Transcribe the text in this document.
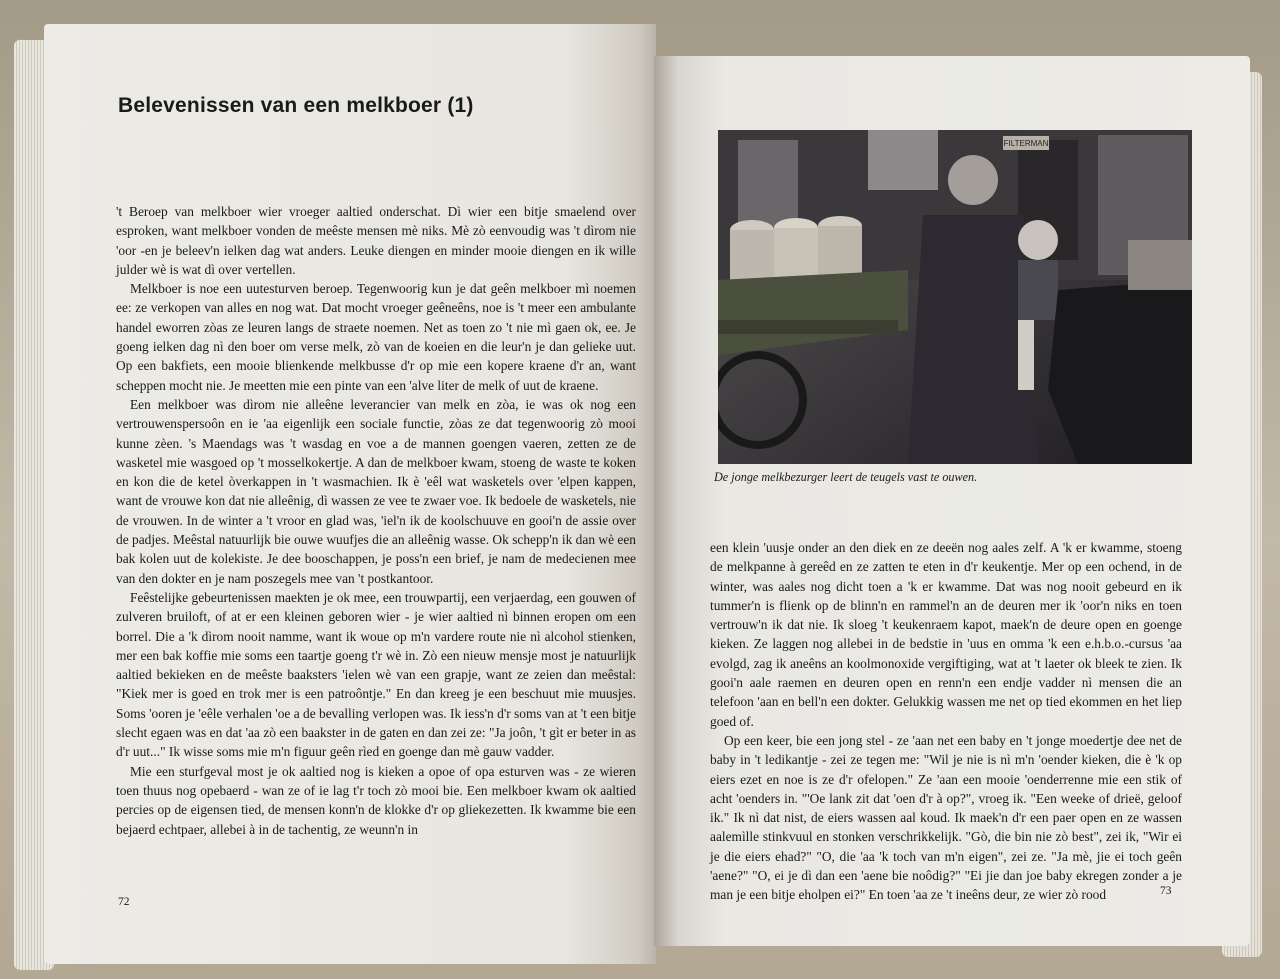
Belevenissen van een melkboer (1)

't Beroep van melkboer wier vroeger aaltied onderschat. Dì wier een bitje smaelend over esproken, want melkboer vonden de meêste mensen mè niks. Mè zò eenvoudig was 't dìrom nie 'oor -en je beleev'n ielken dag wat anders. Leuke diengen en minder mooie diengen en ik wille julder wè is wat dì over vertellen.

Melkboer is noe een uutesturven beroep. Tegenwoorig kun je dat geên melkboer mì noemen ee: ze verkopen van alles en nog wat. Dat mocht vroeger geêneêns, noe is 't meer een ambulante handel eworren zòas ze leuren langs de straete noemen. Net as toen zo 't nie mì gaen ok, ee. Je goeng ielken dag nì den boer om verse melk, zò van de koeien en die leur'n je dan gelieke uut. Op een bakfiets, een mooie blienkende melkbusse d'r op mie een kopere kraene d'r an, want scheppen mocht nie. Je meetten mie een pinte van een 'alve liter de melk of uut de kraene.

Een melkboer was dìrom nie alleêne leverancier van melk en zòa, ie was ok nog een vertrouwenspersoôn en ie 'aa eigenlijk een sociale functie, zòas ze dat tegenwoorig zò mooi kunne zèen. 's Maendags was 't wasdag en voe a de mannen goengen vaeren, zetten ze de wasketel mie wasgoed op 't mosselkokertje. A dan de melkboer kwam, stoeng de waste te koken en kon die de ketel òverkappen in 't wasmachien. Ik è 'eêl wat wasketels over 'elpen kappen, want de vrouwe kon dat nie alleênig, dì wassen ze vee te zwaer voe. Ik bedoele de wasketels, nie de vrouwen. In de winter a 't vroor en glad was, 'iel'n ik de koolschuuve en gooi'n de assie over de padjes. Meêstal natuurlijk bie ouwe wuufjes die an alleênig wasse. Ok schepp'n ik dan wè een bak kolen uut de kolekiste. Je dee booschappen, je poss'n een brief, je nam de medecienen mee van den dokter en je nam poszegels mee van 't postkantoor.

Feêstelijke gebeurtenissen maekten je ok mee, een trouwpartij, een verjaerdag, een gouwen of zulveren bruiloft, of at er een kleinen geboren wier - je wier aaltied nì binnen eropen om een borrel. Die a 'k dìrom nooit namme, want ik woue op m'n vardere route nie nì alcohol stienken, mer een bak koffie mie soms een taartje goeng t'r wè in. Zò een nieuw mensje most je natuurlijk aaltied bekieken en de meêste baaksters 'ielen wè van een grapje, want ze zeien dan meêstal: "Kiek mer is goed en trok mer is een patroôntje." En dan kreeg je een beschuut mie muusjes. Soms 'ooren je 'eêle verhalen 'oe a de bevalling verlopen was. Ik iess'n d'r soms van at 't een bitje slecht egaen was en dat 'aa zò een baakster in de gaten en dan zei ze: "Ja joôn, 't gìt er beter in as d'r uut..." Ik wisse soms mie m'n figuur geên rìed en goenge dan mè gauw vadder.

Mie een sturfgeval most je ok aaltied nog is kieken a opoe of opa esturven was - ze wieren toen thuus nog opebaerd - wan ze of ie lag t'r toch zò mooi bie. Een melkboer kwam ok aaltied percies op de eigensen tied, de mensen konn'n de klokke d'r op gliekezetten. Ik kwamme bie een bejaerd echtpaer, allebei à in de tachentig, ze weunn'n in

72
FILTERMAN
De jonge melkbezurger leert de teugels vast te ouwen.

een klein 'uusje onder an den diek en ze deeën nog aales zelf. A 'k er kwamme, stoeng de melkpanne à gereêd en ze zatten te eten in d'r keukentje. Mer op een ochend, in de winter, was aales nog dicht toen a 'k er kwamme. Dat was nog nooit gebeurd en ik tummer'n is flienk op de blinn'n en rammel'n an de deuren mer ik 'oor'n niks en toen vertrouw'n ik dat nie. Ik sloeg 't keukenraem kapot, maek'n de deure open en goenge kieken. Ze laggen nog allebei in de bedstie in 'uus en omma 'k een e.h.b.o.-cursus 'aa evolgd, zag ik aneêns an koolmonoxide vergiftiging, wat at 't laeter ok bleek te zien. Ik gooi'n aale raemen en deuren open en renn'n een endje vadder nì mensen die an telefoon 'aan en bell'n een dokter. Gelukkig wassen me net op tied ekommen en het liep goed of.

Op een keer, bie een jong stel - ze 'aan net een baby en 't jonge moedertje dee net de baby in 't ledikantje - zei ze tegen me: "Wil je nie is nì m'n 'oender kieken, die è 'k op eiers ezet en noe is ze d'r ofelopen." Ze 'aan een mooie 'oenderrenne mie een stik of acht 'oenders in. "'Oe lank zit dat 'oen d'r à op?", vroeg ik. "Een weeke of drieë, geloof ik." Ik nì dat nist, de eiers wassen aal koud. Ik maek'n d'r een paer open en ze wassen aalemìlle stinkvuul en stonken verschrikkelijk. "Gò, die bin nie zò best", zei ik, "Wir ei je die eiers ehad?" "O, die 'aa 'k toch van m'n eigen", zei ze. "Ja mè, jie ei toch geên 'aene?" "O, ei je dì dan een 'aene bie noôdig?" "Ei jie dan joe baby ekregen zonder a je man je een bitje eholpen ei?" En toen 'aa ze 't ineêns deur, ze wier zò rood	73
